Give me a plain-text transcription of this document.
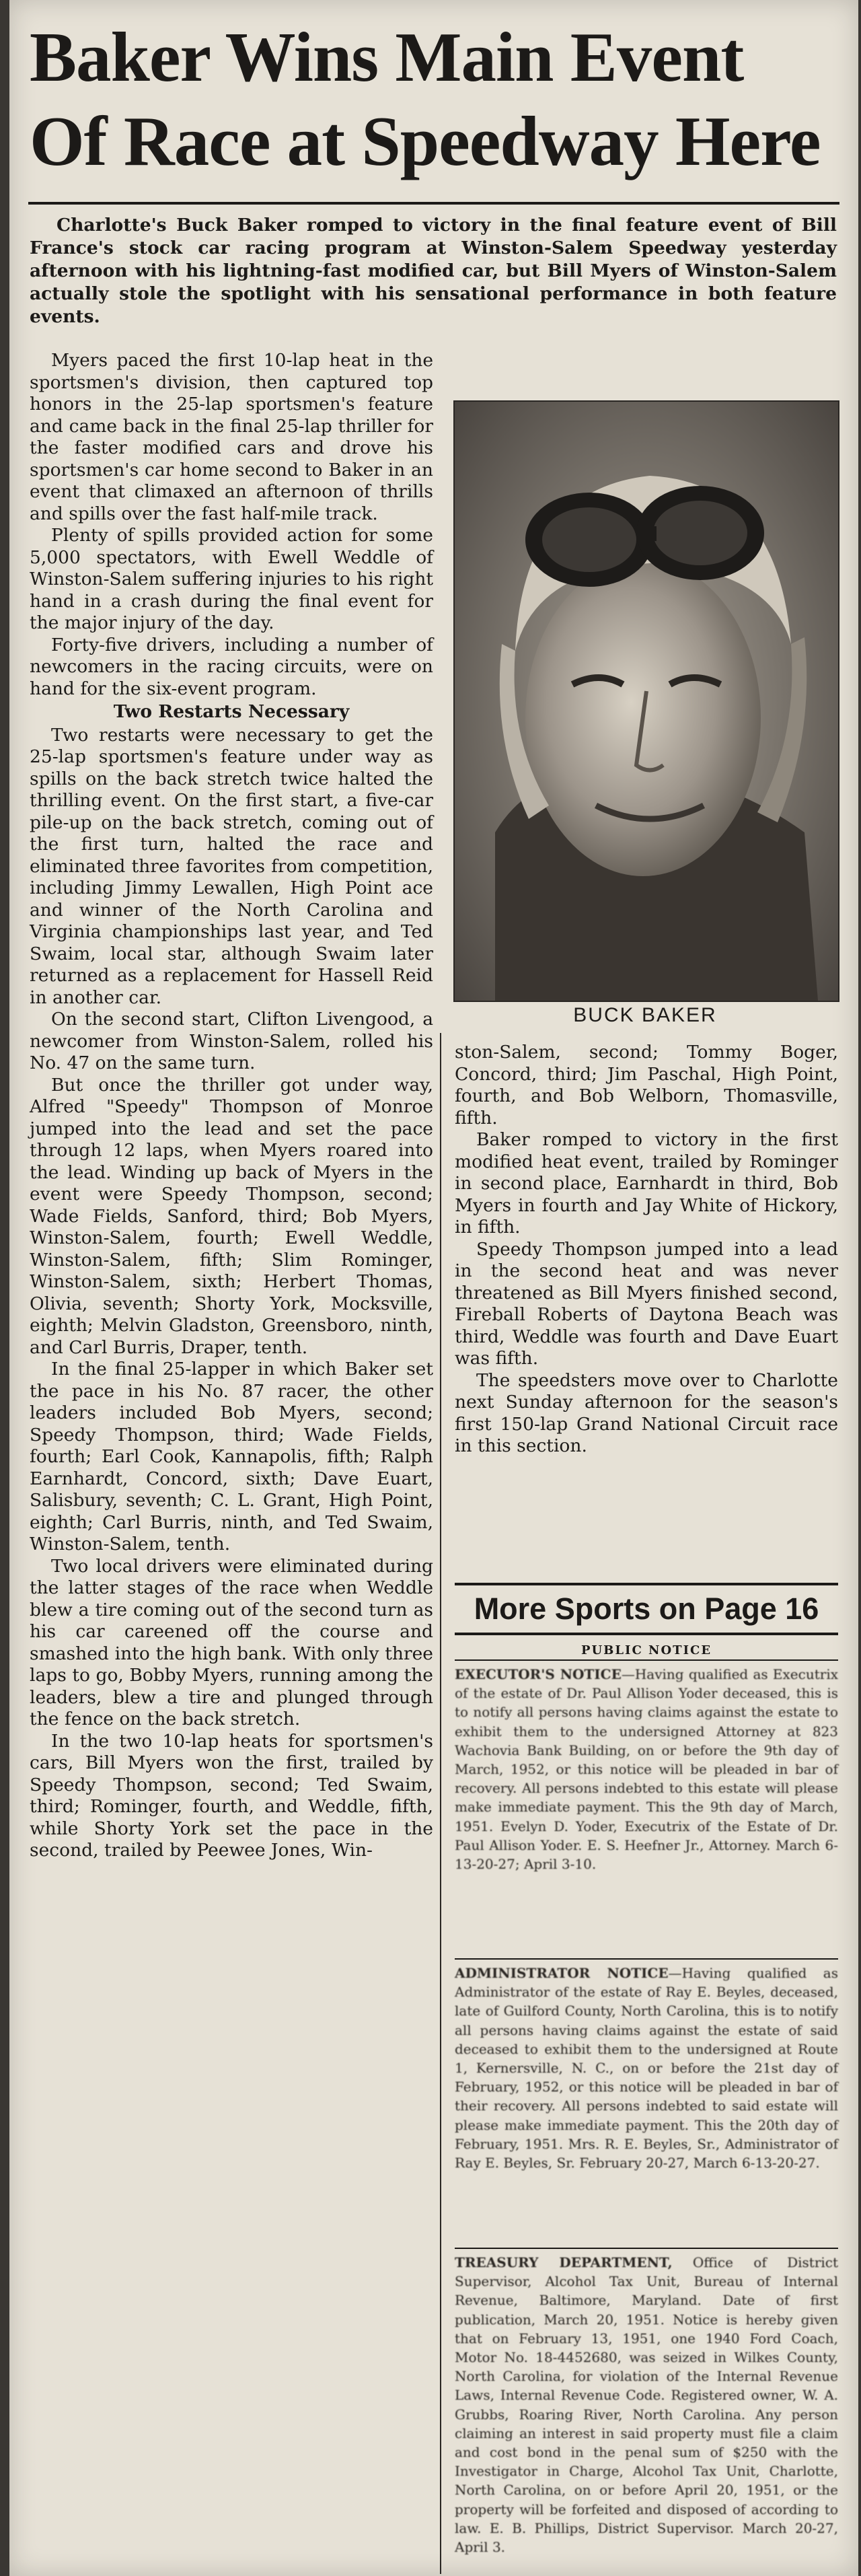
Baker Wins Main Event
Of Race at Speedway Here

Charlotte's Buck Baker romped to victory in the final feature event of Bill France's stock car racing program at Winston-Salem Speedway yesterday afternoon with his lightning-fast modified car, but Bill Myers of Winston-Salem actually stole the spotlight with his sensational performance in both feature events.

Myers paced the first 10-lap heat in the sportsmen's division, then captured top honors in the 25-lap sportsmen's feature and came back in the final 25-lap thriller for the faster modified cars and drove his sportsmen's car home second to Baker in an event that climaxed an afternoon of thrills and spills over the fast half-mile track.

Plenty of spills provided action for some 5,000 spectators, with Ewell Weddle of Winston-Salem suffering injuries to his right hand in a crash during the final event for the major injury of the day.

Forty-five drivers, including a number of newcomers in the racing circuits, were on hand for the six-event program.

Two Restarts Necessary

Two restarts were necessary to get the 25-lap sportsmen's feature under way as spills on the back stretch twice halted the thrilling event. On the first start, a five-car pile-up on the back stretch, coming out of the first turn, halted the race and eliminated three favorites from competition, including Jimmy Lewallen, High Point ace and winner of the North Carolina and Virginia championships last year, and Ted Swaim, local star, although Swaim later returned as a replacement for Hassell Reid in another car.

On the second start, Clifton Livengood, a newcomer from Winston-Salem, rolled his No. 47 on the same turn.

But once the thriller got under way, Alfred "Speedy" Thompson of Monroe jumped into the lead and set the pace through 12 laps, when Myers roared into the lead. Winding up back of Myers in the event were Speedy Thompson, second; Wade Fields, Sanford, third; Bob Myers, Winston-Salem, fourth; Ewell Weddle, Winston-Salem, fifth; Slim Rominger, Winston-Salem, sixth; Herbert Thomas, Olivia, seventh; Shorty York, Mocksville, eighth; Melvin Gladston, Greensboro, ninth, and Carl Burris, Draper, tenth.

In the final 25-lapper in which Baker set the pace in his No. 87 racer, the other leaders included Bob Myers, second; Speedy Thompson, third; Wade Fields, fourth; Earl Cook, Kannapolis, fifth; Ralph Earnhardt, Concord, sixth; Dave Euart, Salisbury, seventh; C. L. Grant, High Point, eighth; Carl Burris, ninth, and Ted Swaim, Winston-Salem, tenth.

Two local drivers were eliminated during the latter stages of the race when Weddle blew a tire coming out of the second turn as his car careened off the course and smashed into the high bank. With only three laps to go, Bobby Myers, running among the leaders, blew a tire and plunged through the fence on the back stretch.

In the two 10-lap heats for sportsmen's cars, Bill Myers won the first, trailed by Speedy Thompson, second; Ted Swaim, third; Rominger, fourth, and Weddle, fifth, while Shorty York set the pace in the second, trailed by Peewee Jones, Win-

BUCK BAKER

ston-Salem, second; Tommy Boger, Concord, third; Jim Paschal, High Point, fourth, and Bob Welborn, Thomasville, fifth.

Baker romped to victory in the first modified heat event, trailed by Rominger in second place, Earnhardt in third, Bob Myers in fourth and Jay White of Hickory, in fifth.

Speedy Thompson jumped into a lead in the second heat and was never threatened as Bill Myers finished second, Fireball Roberts of Daytona Beach was third, Weddle was fourth and Dave Euart was fifth.

The speedsters move over to Charlotte next Sunday afternoon for the season's first 150-lap Grand National Circuit race in this section.

More Sports on Page 16
PUBLIC NOTICE
EXECUTOR'S NOTICE—Having qualified as Executrix of the estate of Dr. Paul Allison Yoder deceased, this is to notify all persons having claims against the estate to exhibit them to the undersigned Attorney at 823 Wachovia Bank Building, on or before the 9th day of March, 1952, or this notice will be pleaded in bar of recovery. All persons indebted to this estate will please make immediate payment. This the 9th day of March, 1951. Evelyn D. Yoder, Executrix of the Estate of Dr. Paul Allison Yoder. E. S. Heefner Jr., Attorney. March 6-13-20-27; April 3-10.
ADMINISTRATOR NOTICE—Having qualified as Administrator of the estate of Ray E. Beyles, deceased, late of Guilford County, North Carolina, this is to notify all persons having claims against the estate of said deceased to exhibit them to the undersigned at Route 1, Kernersville, N. C., on or before the 21st day of February, 1952, or this notice will be pleaded in bar of their recovery. All persons indebted to said estate will please make immediate payment. This the 20th day of February, 1951. Mrs. R. E. Beyles, Sr., Administrator of Ray E. Beyles, Sr. February 20-27, March 6-13-20-27.
TREASURY DEPARTMENT, Office of District Supervisor, Alcohol Tax Unit, Bureau of Internal Revenue, Baltimore, Maryland. Date of first publication, March 20, 1951. Notice is hereby given that on February 13, 1951, one 1940 Ford Coach, Motor No. 18-4452680, was seized in Wilkes County, North Carolina, for violation of the Internal Revenue Laws, Internal Revenue Code. Registered owner, W. A. Grubbs, Roaring River, North Carolina. Any person claiming an interest in said property must file a claim and cost bond in the penal sum of $250 with the Investigator in Charge, Alcohol Tax Unit, Charlotte, North Carolina, on or before April 20, 1951, or the property will be forfeited and disposed of according to law. E. B. Phillips, District Supervisor. March 20-27, April 3.
